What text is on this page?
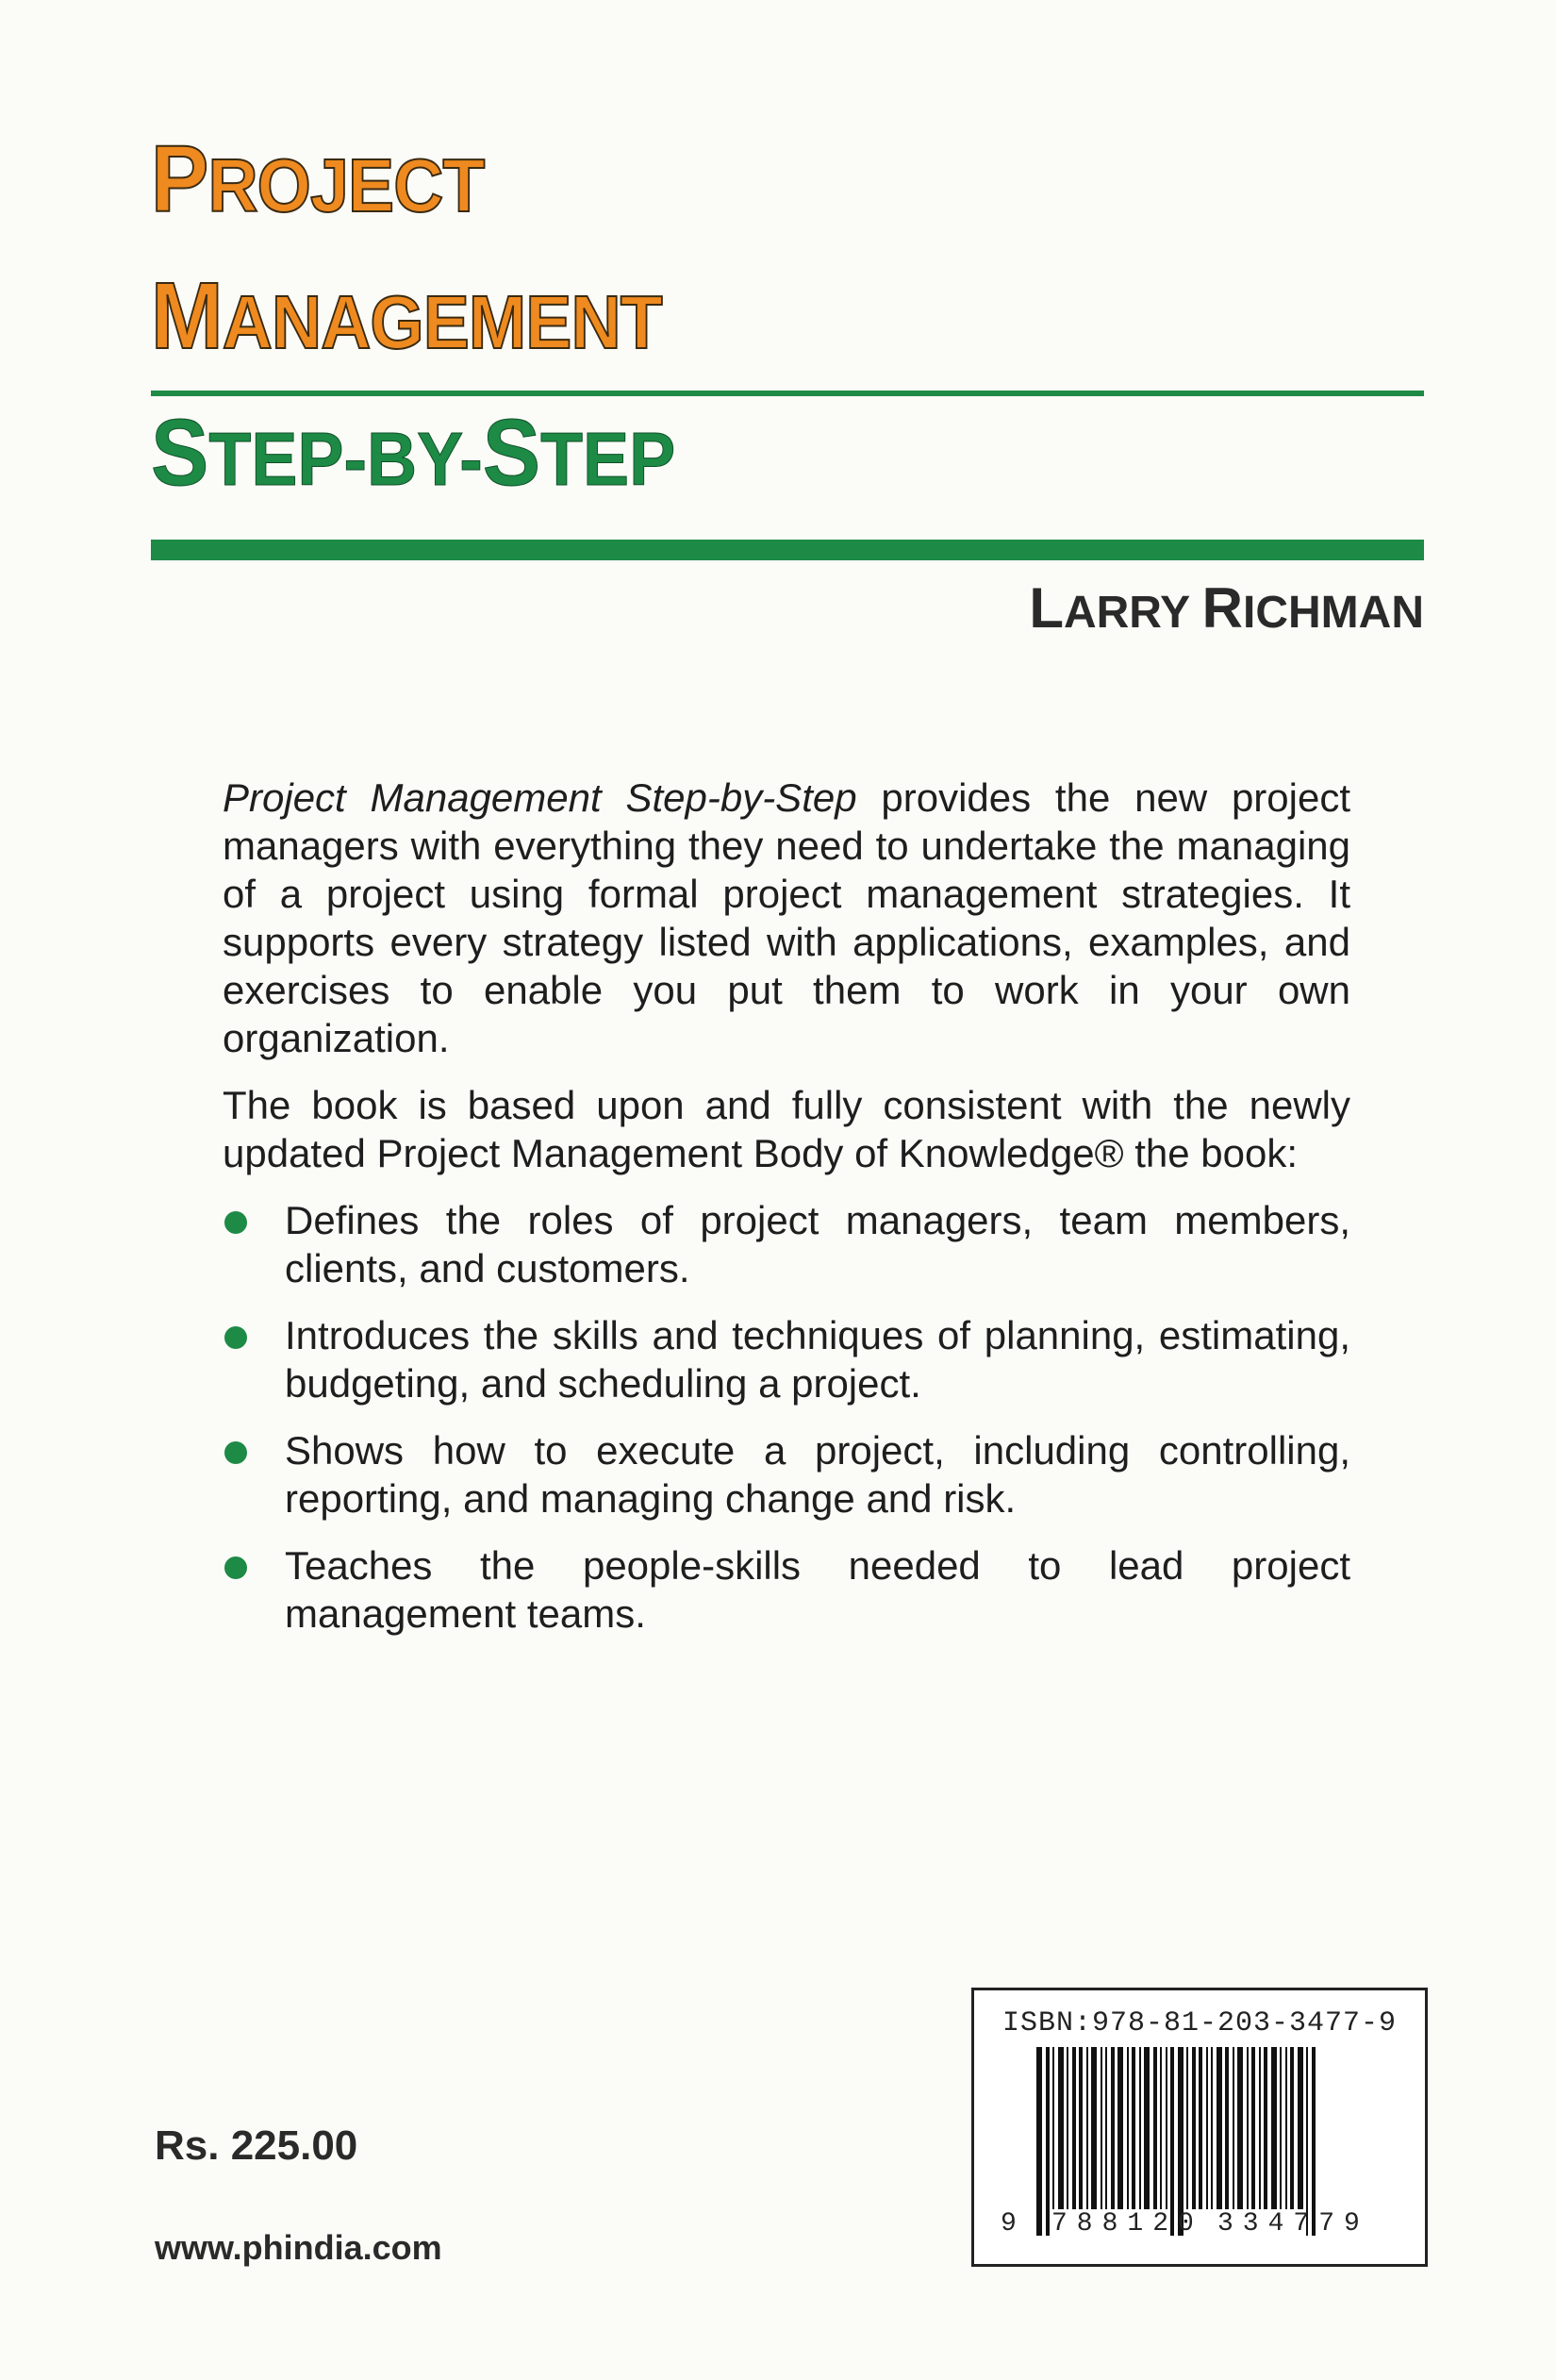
PROJECT
MANAGEMENT
STEP-BY-STEP
LARRY RICHMAN

Project Management Step-by-Step provides the new project managers with everything they need to undertake the managing of a project using formal project management strategies. It supports every strategy listed with applications, examples, and exercises to enable you put them to work in your own organization.

The book is based upon and fully consistent with the newly updated Project Management Body of Knowledge® the book:

Defines the roles of project managers, team members, clients, and customers.
Introduces the skills and techniques of planning, estimating, budgeting, and scheduling a project.
Shows how to execute a project, including controlling, reporting, and managing change and risk.
Teaches the people-skills needed to lead project management teams.
Rs. 225.00
www.phindia.com
ISBN:978-81-203-3477-9
9 788120 334779
